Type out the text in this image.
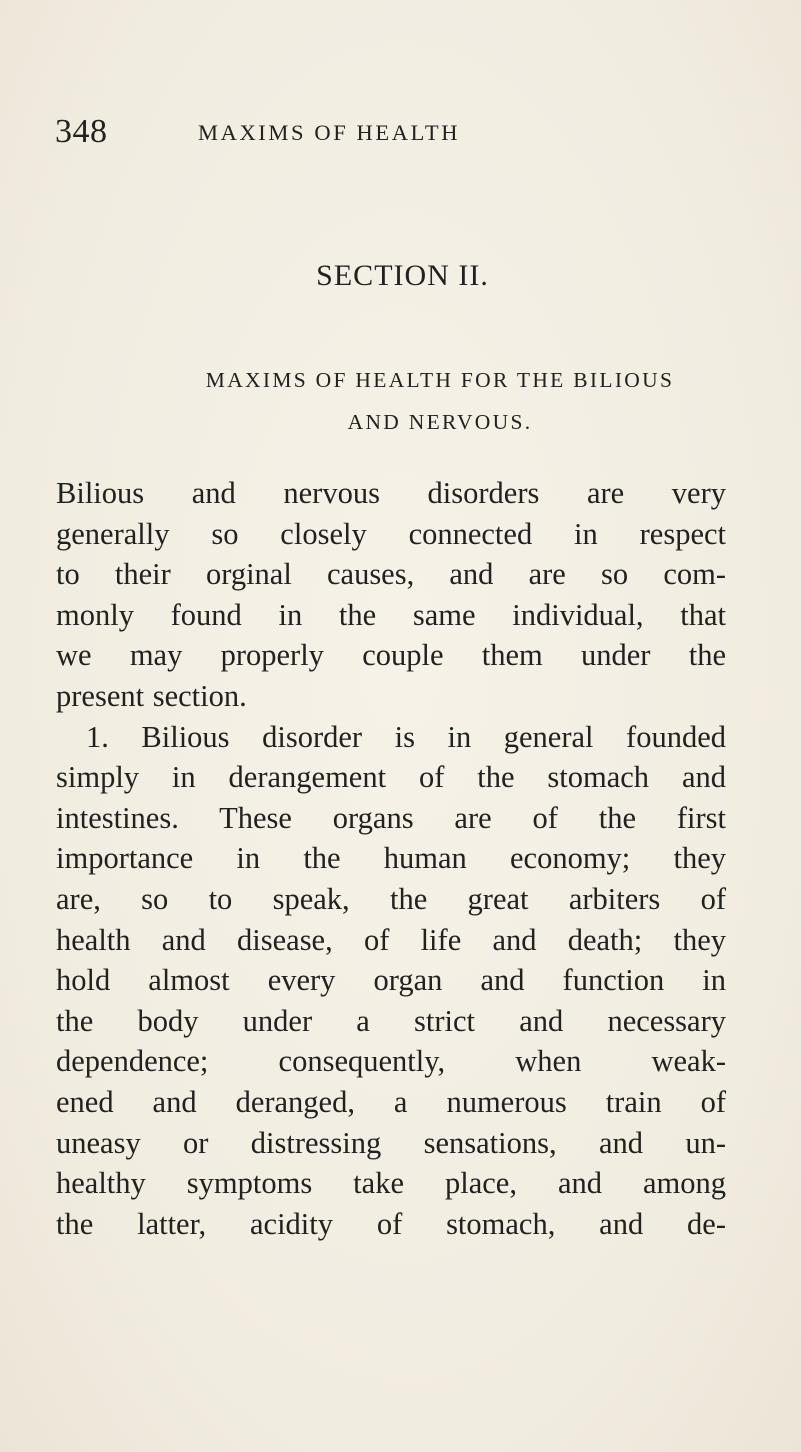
348	MAXIMS OF HEALTH
SECTION II.
MAXIMS OF HEALTH FOR THE BILIOUS
AND NERVOUS.
Bilious and nervous disorders are very
generally so closely connected in respect
to their orginal causes, and are so com-
monly found in the same individual, that
we may properly couple them under the
present section.
1. Bilious disorder is in general founded
simply in derangement of the stomach and
intestines. These organs are of the first
importance in the human economy; they
are, so to speak, the great arbiters of
health and disease, of life and death; they
hold almost every organ and function in
the body under a strict and necessary
dependence; consequently, when weak-
ened and deranged, a numerous train of
uneasy or distressing sensations, and un-
healthy symptoms take place, and among
the latter, acidity of stomach, and de-
